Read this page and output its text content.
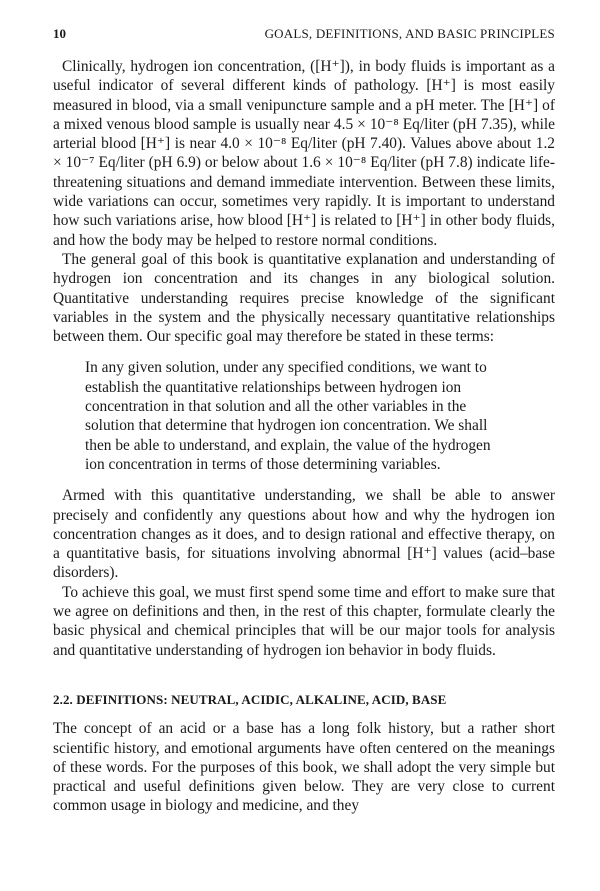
10	GOALS, DEFINITIONS, AND BASIC PRINCIPLES

Clinically, hydrogen ion concentration, ([H⁺]), in body fluids is important as a useful indicator of several different kinds of pathology. [H⁺] is most easily measured in blood, via a small venipuncture sample and a pH meter. The [H⁺] of a mixed venous blood sample is usually near 4.5 × 10⁻⁸ Eq/liter (pH 7.35), while arterial blood [H⁺] is near 4.0 × 10⁻⁸ Eq/liter (pH 7.40). Values above about 1.2 × 10⁻⁷ Eq/liter (pH 6.9) or below about 1.6 × 10⁻⁸ Eq/liter (pH 7.8) indicate life-threatening situations and demand immediate intervention. Between these limits, wide variations can occur, sometimes very rapidly. It is important to understand how such variations arise, how blood [H⁺] is related to [H⁺] in other body fluids, and how the body may be helped to restore normal conditions.

The general goal of this book is quantitative explanation and understanding of hydrogen ion concentration and its changes in any biological solution. Quantitative understanding requires precise knowledge of the significant variables in the system and the physically necessary quantitative relationships between them. Our specific goal may therefore be stated in these terms:

In any given solution, under any specified conditions, we want to establish the quantitative relationships between hydrogen ion concentration in that solution and all the other variables in the solution that determine that hydrogen ion concentration. We shall then be able to understand, and explain, the value of the hydrogen ion concentration in terms of those determining variables.

Armed with this quantitative understanding, we shall be able to answer precisely and confidently any questions about how and why the hydrogen ion concentration changes as it does, and to design rational and effective therapy, on a quantitative basis, for situations involving abnormal [H⁺] values (acid–base disorders).

To achieve this goal, we must first spend some time and effort to make sure that we agree on definitions and then, in the rest of this chapter, formulate clearly the basic physical and chemical principles that will be our major tools for analysis and quantitative understanding of hydrogen ion behavior in body fluids.

2.2. DEFINITIONS: NEUTRAL, ACIDIC, ALKALINE, ACID, BASE

The concept of an acid or a base has a long folk history, but a rather short scientific history, and emotional arguments have often centered on the meanings of these words. For the purposes of this book, we shall adopt the very simple but practical and useful definitions given below. They are very close to current common usage in biology and medicine, and they
